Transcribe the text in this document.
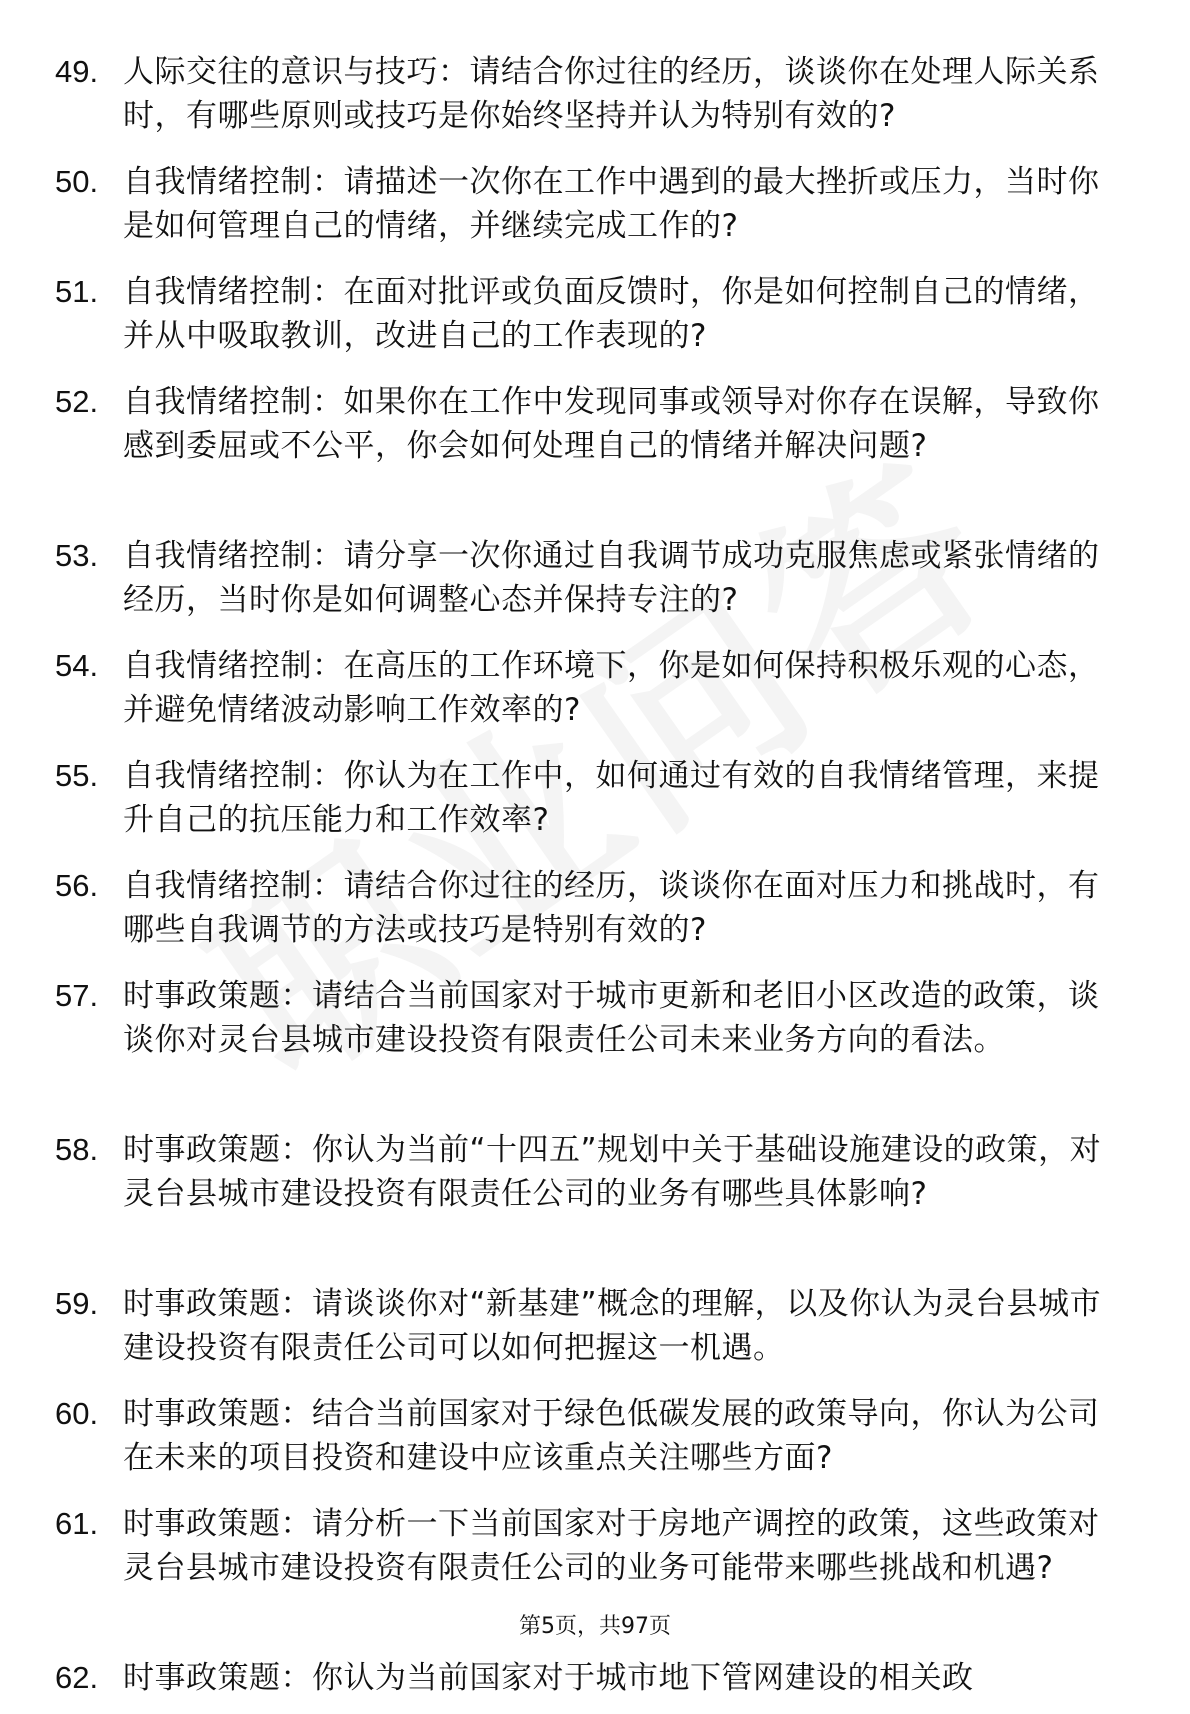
49. 人际交往的意识与技巧：请结合你过往的经历，谈谈你在处理人际关系时，有哪些原则或技巧是你始终坚持并认为特别有效的?
50. 自我情绪控制：请描述一次你在工作中遇到的最大挫折或压力，当时你是如何管理自己的情绪，并继续完成工作的?
51. 自我情绪控制：在面对批评或负面反馈时，你是如何控制自己的情绪，并从中吸取教训，改进自己的工作表现的?
52. 自我情绪控制：如果你在工作中发现同事或领导对你存在误解，导致你感到委屈或不公平，你会如何处理自己的情绪并解决问题?
53. 自我情绪控制：请分享一次你通过自我调节成功克服焦虑或紧张情绪的经历，当时你是如何调整心态并保持专注的?
54. 自我情绪控制：在高压的工作环境下，你是如何保持积极乐观的心态，并避免情绪波动影响工作效率的?
55. 自我情绪控制：你认为在工作中，如何通过有效的自我情绪管理，来提升自己的抗压能力和工作效率?
56. 自我情绪控制：请结合你过往的经历，谈谈你在面对压力和挑战时，有哪些自我调节的方法或技巧是特别有效的?
57. 时事政策题：请结合当前国家对于城市更新和老旧小区改造的政策，谈谈你对灵台县城市建设投资有限责任公司未来业务方向的看法。
58. 时事政策题：你认为当前“十四五”规划中关于基础设施建设的政策，对灵台县城市建设投资有限责任公司的业务有哪些具体影响?
59. 时事政策题：请谈谈你对“新基建”概念的理解，以及你认为灵台县城市建设投资有限责任公司可以如何把握这一机遇。
60. 时事政策题：结合当前国家对于绿色低碳发展的政策导向，你认为公司在未来的项目投资和建设中应该重点关注哪些方面?
61. 时事政策题：请分析一下当前国家对于房地产调控的政策，这些政策对灵台县城市建设投资有限责任公司的业务可能带来哪些挑战和机遇?
62. 时事政策题：你认为当前国家对于城市地下管网建设的相关政
第5页，共97页
